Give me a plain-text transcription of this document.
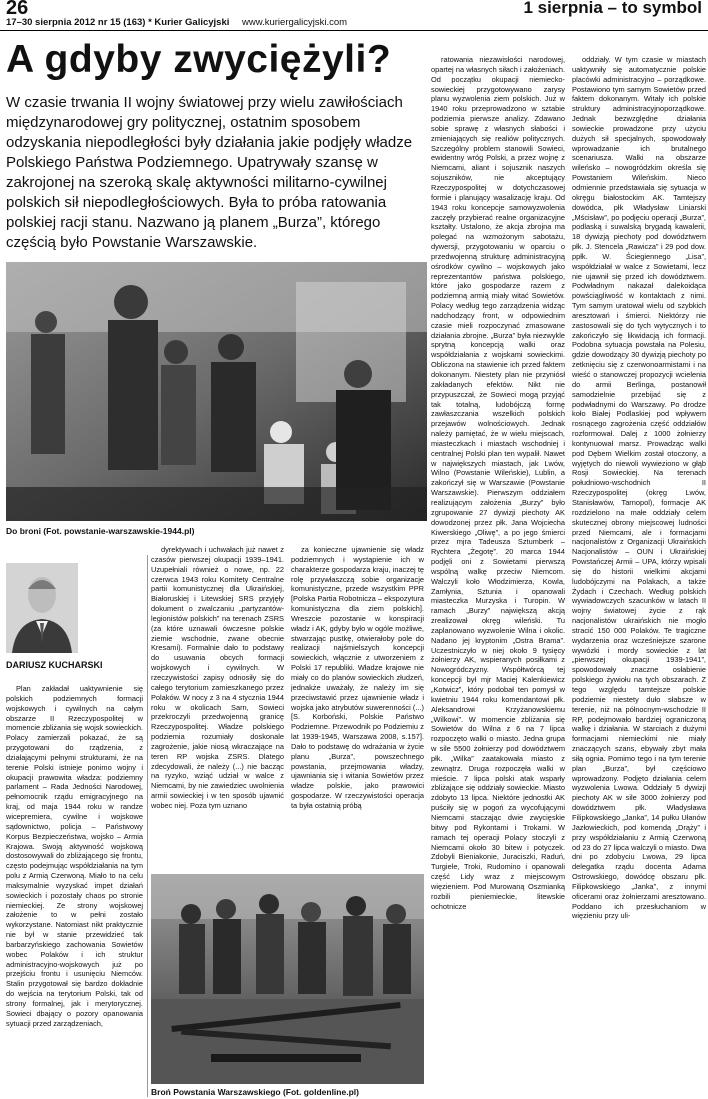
26
17–30 sierpnia 2012 nr 15 (163) * Kurier Galicyjski www.kuriergalicyjski.com
1 sierpnia – to symbol
A gdyby zwyciężyli?
W czasie trwania II wojny światowej przy wielu zawiłościach międzynarodowej gry politycznej, ostatnim sposobem odzyskania niepodległości były działania jakie podjęły władze Polskiego Państwa Podziemnego. Upatrywały szansę w zakrojonej na szeroką skalę aktywności militarno-cywilnej polskich sił niepodległościowych. Była to próba ratowania polskiej racji stanu. Nazwano ją planem „Burza”, którego częścią było Powstanie Warszawskie.
Do broni (Fot. powstanie-warszawskie-1944.pl)
DARIUSZ KUCHARSKI

Plan zakładał uaktywnienie się polskich podziemnych formacji wojskowych i cywilnych na całym obszarze II Rzeczypospolitej w momencie zbliżania się wojsk sowieckich. Polacy zamierzali pokazać, że są przygotowani do rządzenia, z działającymi pełnymi strukturami, że na terenie Polski istnieje ponimo wojny i okupacji prawowita władza: podziemny parlament – Rada Jedności Narodowej, pełnomocnik rządu emigracyjnego na kraj, od maja 1944 roku w randze wicepremiera, cywilne i wojskowe sądownictwo, policja – Państwowy Korpus Bezpieczeństwa, wojsko – Armia Krajowa. Swoją aktywność wojskową dostosowywali do zbliżającego się frontu, często podejmując współdziałania na tym polu z Armią Czerwoną. Miało to na celu maksymalnie wyzyskać impet działań sowieckich i pozostały chaos po stronie niemieckiej. Ze strony wojskowej założenie to w pełni zostało wykorzystane. Natomiast nikt praktycznie nie był w stanie przewidzieć tak barbarzyńskiego zachowania Sowietów wobec Polaków i ich struktur administracyjno-wojskowych już po przejściu frontu i usunięciu Niemców. Stalin przygotował się bardzo dokładnie do wejścia na terytorium Polski, tak od strony formalnej, jak i merytorycznej. Sowieci dbający o pozory opanowania sytuacji przed zarządzeniach,

dyrektywach i uchwałach już nawet z czasów pierwszej okupacji 1939–1941. Uzupełniali również o nowe, np. 22 czerwca 1943 roku Komitety Centralne partii komunistycznej dla Ukraińskiej, Białoruskiej i Litewskiej SRS przyjęły dokument o zwalczaniu „partyzantów-legionistów polskich” na terenach ZSRS (za które uznawali ówczesne polskie ziemie wschodnie, zwane obecnie Kresami). Formalnie dało to podstawy do usuwania obcych formacji wojskowych i cywilnych. W rzeczywistości zapisy odnosiły się do całego terytorium zamieszkanego przez Polaków. W nocy z 3 na 4 stycznia 1944 roku w okolicach Sarn, Sowieci przekroczyli przedwojenną granicę Rzeczypospolitej. Władze polskiego podziemia rozumiały doskonale zagrożenie, jakie niosą wkraczające na teren RP wojska ZSRS. Dlatego zdecydowali, że należy (...) nie bacząc na ryzyko, wziąć udział w walce z Niemcami, by nie zawiedziec uwolnienia armii sowieckiej i w ten sposób ujawnić wobec niej. Poza tym uznano

za konieczne ujawnienie się władz podziemnych i wystąpienie ich w charakterze gospodarza kraju, inaczej tę rolę przywłaszczą sobie organizacje komunistyczne, przede wszystkim PPR [Polska Partia Robotnicza – ekspozytura komunistyczna dla ziem polskich]. Wreszcie pozostanie w konspiracji władz i AK, gdyby było w ogóle możliwe, stwarzając pustkę, otwierałoby pole do realizacji najśmielszych koncepcji sowieckich, włącznie z utworzeniem z Polski 17 republiki. Władze krajowe nie miały co do planów sowieckich złudzeń, jednakże uważały, że należy im się przeciwstawić przez ujawnienie władz i wojska jako atrybutów suwerenności (...) [S. Korboński, Polskie Państwo Podziemne. Przewodnik po Podziemiu z lat 1939-1945, Warszawa 2008, s.157]. Dało to podstawę do wdrażania w życie planu „Burza”, powszechnego powstania, przejmowania władzy, ujawniania się i witania Sowietów przez władze polskie, jako prawowici gospodarze. W rzeczywistości operacja ta była ostatnią próbą

Broń Powstania Warszawskiego (Fot. goldenline.pl)

ratowania niezawisłości narodowej, opartej na własnych siłach i założeniach. Od początku okupacji niemiecko-sowieckiej przygotowywano zarysy planu wyzwolenia ziem polskich. Już w 1940 roku przeprowadzono w sztabie podziemia pierwsze analizy. Zdawano sobie sprawę z własnych słabości i zmieniających się realiów politycznych. Szczególny problem stanowili Sowieci, ewidentny wróg Polski, a przez wojnę z Niemcami, aliant i sojusznik naszych sojuszników, nie akceptujący Rzeczypospolitej w dotychczasowej formie i planujący wasalizację kraju. Od 1943 roku koncepcje samowyzwolenia zaczęły przybierać realne organizacyjne kształty. Ustalono, że akcja zbrojna ma polegać na wzmożonym sabotażu, dywersji, przygotowaniu w oparciu o przedwojenną strukturę administracyjną ośrodków cywilno – wojskowych jako reprezentantów państwa polskiego, które jako gospodarze razem z podziemną armią miały witać Sowietów. Polacy według tego zarządzenia widząc nadchodzący front, w odpowiednim czasie mieli rozpoczynać zmasowane działania zbrojne. „Burza” była niezwykle sprytną koncepcją walki oraz współdziałania z wojskami sowieckimi. Obliczona na stawienie ich przed faktem dokonanym. Niestety plan nie przyniósł zakładanych efektów. Nikt nie przypuszczał, że Sowieci mogą przyjąć tak totalną, ludobójczą formę zawłaszczania wszelkich polskich przejawów wolnościowych. Jednak należy pamiętać, że w wielu miejscach, miasteczkach i miastach wschodniej i centralnej Polski plan ten wypalił. Nawet w największych miastach, jak Lwów, Wilno (Powstanie Wileńskie), Lublin, a zakończył się w Warszawie (Powstanie Warszawskie). Pierwszym oddziałem realizującym założenia „Burzy” było zgrupowanie 27 dywizji piechoty AK dowodzonej przez płk. Jana Wojciecha Kiwerskiego „Oliwę”, a po jego śmierci przez mjra Tadeusza Sztumberk – Rychtera „Żegotę”. 20 marca 1944 podjęli oni z Sowietami pierwszą wspólną walkę przeciw Niemcom. Walczyli koło Włodzimierza, Kowla, Zamłynia, Sztunia i opanowali miasteczka Murzyska i Turopin. W ramach „Burzy” największą akcją zrealizował okręg wileński. Tu zaplanowano wyzwolenie Wilna i okolic. Nadano jej kryptonim „Ostra Brama”. Uczestniczyło w niej około 9 tysięcy żołnierzy AK, wspieranych posiłkami z Nowogródczyzny. Współtwórcą tej koncepcji był mjr Maciej Kalenkiewicz „Kotwicz”, który podobał ten pomysł w kwietniu 1944 roku komendantowi płk. Aleksandrowi Krzyżanowskiemu „Wilkowi”. W momencie zbliżania się Sowietów do Wilna z 6 na 7 lipca rozpoczęto walki o miasto. Jedna grupa w sile 5500 żołnierzy pod dowództwem płk. „Wilka” zaatakowała miasto z zewnątrz. Druga rozpoczęła walki w mieście. 7 lipca polski atak wsparły zbliżające się oddziały sowieckie. Miasto zdobyto 13 lipca. Niektóre jednostki AK puściły się w pogoń za wycofującymi Niemcami staczając dwie zwycięskie bitwy pod Rykontami i Trokami. W ramach tej operacji Polacy stoczyli z Niemcami około 30 bitew i potyczek. Zdobyli Bieniakonie, Juraciszki, Raduń, Turgiele, Troki, Rudomino i opanowali część Lidy wraz z miejscowym więzieniem. Pod Murowaną Oszmianką rozbili pieniemieckie, litewskie ochotnicze

oddziały. W tym czasie w miastach uaktywniły się automatycznie polskie placówki administracyjno – porządkowe. Postawiono tym samym Sowietów przed faktem dokonanym. Witały ich polskie struktury administracyjnoporządkowe. Jednak bezwzględne działania sowieckie prowadzone przy użyciu dużych sił specjalnych, spowodowały wprowadzanie ich brutalnego scenariusza. Walki na obszarze wileńsko – nowogródzkim określa się Powstaniem Wileńskim. Nieco odmiennie przedstawiała się sytuacja w okręgu białostockim AK. Tamtejszy dowódca, płk Władysław Liniarski „Mścisław”, po podjęciu operacji „Burza”, podlaską i suwalską brygadą kawalerii, 18 dywizją piechoty pod dowództwem płk. J. Stencela „Rawicza” i 29 pod dow. ppłk. W. Ściegiennego „Lisa”, współdziałał w walce z Sowietami, lecz nie ujawnił się przed ich dowództwem. Podwładnym nakazał dalekoidąca powściągliwość w kontaktach z nimi. Tym samym uratował wielu od szybkich aresztowań i śmierci. Niektórzy nie zastosowali się do tych wytycznych i to zakończyło się likwidacją ich formacji. Podobna sytuacja powstała na Polesiu, gdzie dowodzący 30 dywizją piechoty po zetknięciu się z czerwonoarmistami i na wieść o stanowczej propozycji wcielenia do armii Berlinga, postanowił samodzielnie przebijać się z podwładnymi do Warszawy. Po drodze koło Białej Podlaskiej pod wpływem rosnącego zagrożenia część oddziałów rozformował. Dalej z 1000 żołnierzy kontynuował marsz. Prowadząc walki pod Dębem Wielkim został otoczony, a wyjętych do niewoli wywieziono w głąb Rosji Sowieckiej. Na terenach południowo-wschodnich II Rzeczypospolitej (okręg Lwów, Stanisławów, Tarnopol), formacje AK rozdzielono na małe oddziały celem skutecznej obrony miejscowej ludności przed Niemcami, ale i formacjami nacjonalistów z Organizacji Ukraińskich Nacjonalistów – OUN i Ukraińskiej Powstańczej Armii – UPA, którzy wpisali się do historii wielkimi akcjami ludobójczymi na Polakach, a także Żydach i Czechach. Według polskich wywiadowczych szacunków w latach II wojny światowej życie z rąk nacjonalistów ukraińskich nie mogło stracić 150 000 Polaków. Te tragiczne wydarzenia oraz wcześniejsze szarone wywózki i mordy sowieckie z lat „pierwszej okupacji 1939-1941”, spowodowały znaczne osłabienie polskiego żywiołu na tych obszarach. Z tego względu tamtejsze polskie podziemie niestety duło słabsze w terenie, niż na północnym-wschodzie II RP, podejmowało bardziej ograniczoną walkę i działania. W starciach z dużymi formacjami niemieckimi nie miały znaczących szans, ebywały zbyt mała siłą ognia. Pomimo tego i na tym terenie plan „Burza”, był częściowo wprowadzony. Podjęto działania celem wyzwolenia Lwowa. Oddziały 5 dywizji piechoty AK w sile 3000 żołnierzy pod dowództwem płk. Władysława Filipkowskiego „Janka”, 14 pułku Ułanów Jazłowieckich, pod komendą „Drąży” i przy współdziałaniu z Armią Czerwoną od 23 do 27 lipca walczyli o miasto. Dwa dni po zdobyciu Lwowa, 29 lipca delegatka rządu docenta Adama Ostrowskiego, dowódcę obszaru płk. Filipkowskiego „Janka”, z innymi oficerami oraz żołnierzami aresztowano. Poddano ich przesłuchaniom w więzieniu przy uli-
